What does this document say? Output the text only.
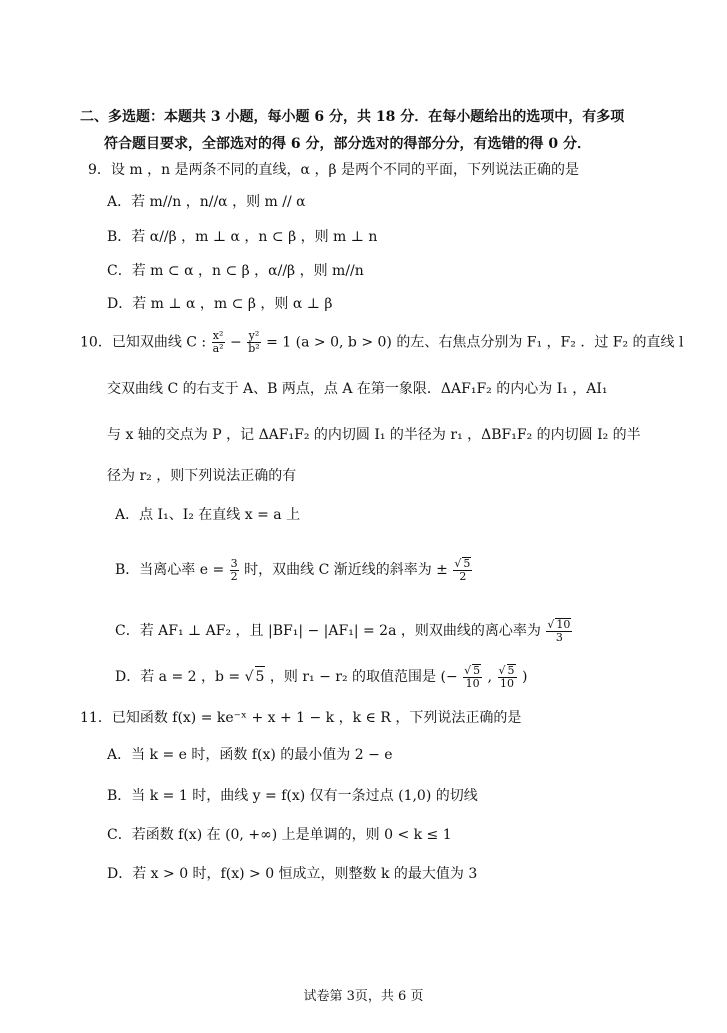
二、多选题：本题共 3 小题，每小题 6 分，共 18 分．在每小题给出的选项中，有多项
符合题目要求，全部选对的得 6 分，部分选对的得部分分，有选错的得 0 分．
9．设 m ，n 是两条不同的直线，α ，β 是两个不同的平面，下列说法正确的是
A．若 m//n ，n//α ，则 m // α
B．若 α//β ，m ⊥ α ，n ⊂ β ，则 m ⊥ n
C．若 m ⊂ α ，n ⊂ β ，α//β ，则 m//n
D．若 m ⊥ α ，m ⊂ β ，则 α ⊥ β
10．已知双曲线 C : $\frac{\text{x²}}{\text{a²}} - \frac{\text{y²}}{\text{b²}} = 1$ (a > 0, b > 0) 的左、右焦点分别为 F₁ ，F₂ ．过 F₂ 的直线 l
交双曲线 C 的右支于 A、B 两点，点 A 在第一象限．ΔAF₁F₂ 的内心为 I₁ ，AI₁
与 x 轴的交点为 P ，记 ΔAF₁F₂ 的内切圆 I₁ 的半径为 r₁ ，ΔBF₁F₂ 的内切圆 I₂ 的半
径为 r₂ ，则下列说法正确的有
A．点 I₁、I₂ 在直线 x = a 上
B．当离心率 $e = \frac{3}{2}$ 时，双曲线 C 渐近线的斜率为 ± $\frac{√ 5}{2}$
C．若 AF₁ ⊥ AF₂ ，且 |BF₁| − |AF₁| = 2a ，则双曲线的离心率为 $\frac{√ 10}{3}$
D．若 a = 2 ，b = √ 5 ，则 r₁ − r₂ 的取值范围是 (− $\frac{√ 5}{10}$ , $\frac{√ 5}{10}$ )
11．已知函数 f(x) = ke⁻ˣ + x + 1 − k ，k ∈ R ，下列说法正确的是
A．当 k = e 时，函数 f(x) 的最小值为 2 − e
B．当 k = 1 时，曲线 y = f(x) 仅有一条过点 (1,0) 的切线
C．若函数 f(x) 在 (0, +∞) 上是单调的，则 0 < k ≤ 1
D．若 x > 0 时，f(x) > 0 恒成立，则整数 k 的最大值为 3
试卷第 3页，共 6 页
